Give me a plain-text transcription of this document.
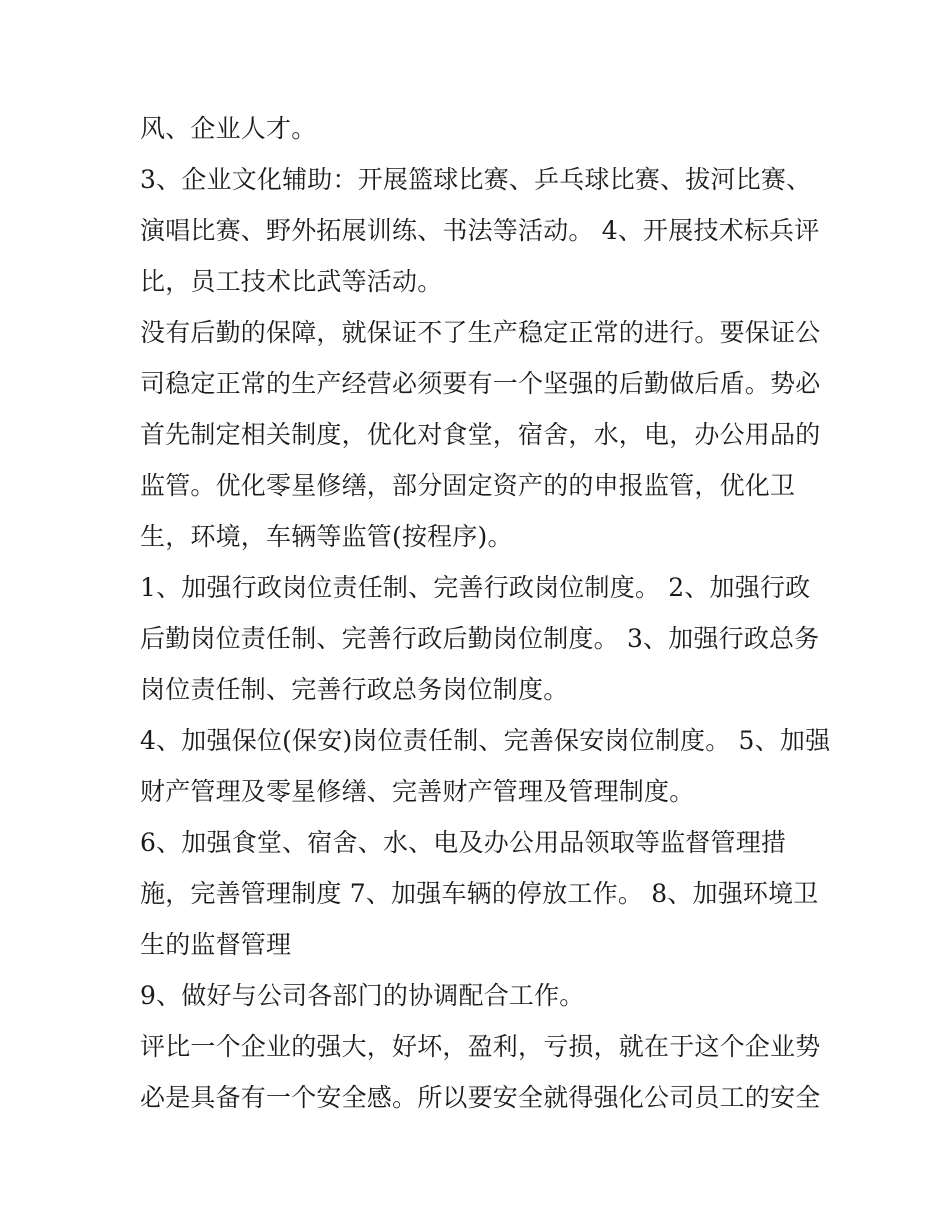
风、企业人才。
3、企业文化辅助：开展篮球比赛、乒乓球比赛、拔河比赛、
演唱比赛、野外拓展训练、书法等活动。 4、开展技术标兵评
比，员工技术比武等活动。
没有后勤的保障，就保证不了生产稳定正常的进行。要保证公
司稳定正常的生产经营必须要有一个坚强的后勤做后盾。势必
首先制定相关制度，优化对食堂，宿舍，水，电，办公用品的
监管。优化零星修缮，部分固定资产的的申报监管，优化卫
生，环境，车辆等监管(按程序)。
1、加强行政岗位责任制、完善行政岗位制度。 2、加强行政
后勤岗位责任制、完善行政后勤岗位制度。 3、加强行政总务
岗位责任制、完善行政总务岗位制度。
4、加强保位(保安)岗位责任制、完善保安岗位制度。 5、加强
财产管理及零星修缮、完善财产管理及管理制度。
6、加强食堂、宿舍、水、电及办公用品领取等监督管理措
施，完善管理制度 7、加强车辆的停放工作。 8、加强环境卫
生的监督管理
9、做好与公司各部门的协调配合工作。
评比一个企业的强大，好坏，盈利，亏损，就在于这个企业势
必是具备有一个安全感。所以要安全就得强化公司员工的安全
